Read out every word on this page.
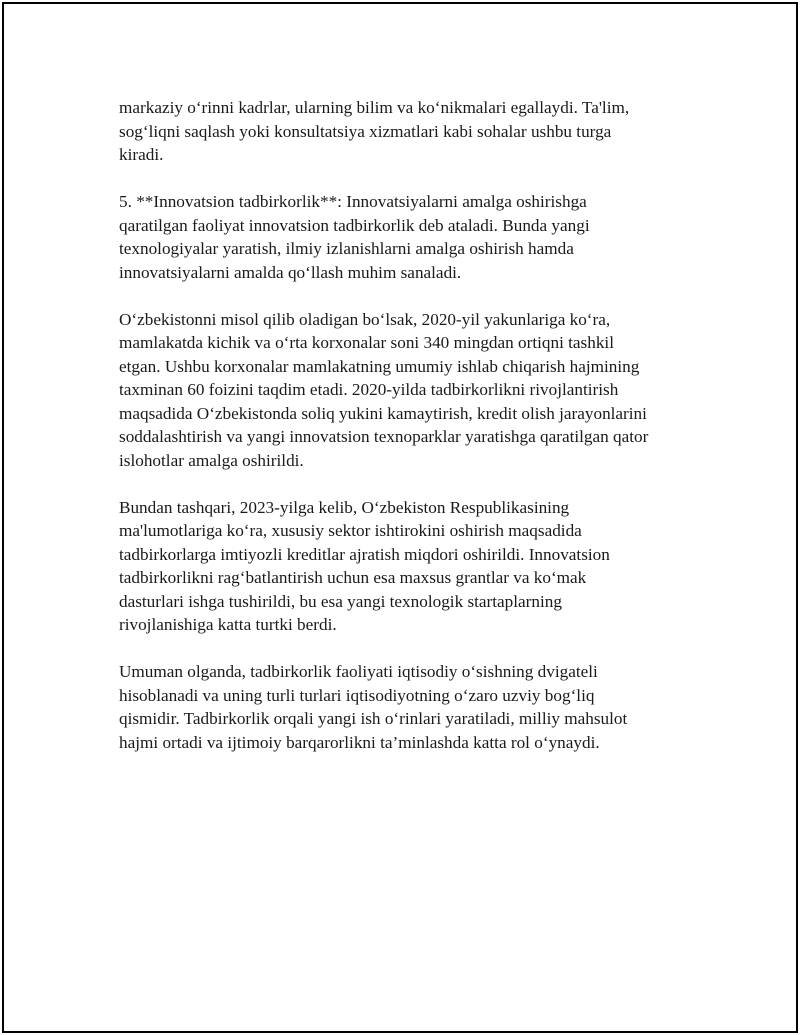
markaziy o‘rinni kadrlar, ularning bilim va ko‘nikmalari egallaydi. Ta'lim,
sog‘liqni saqlash yoki konsultatsiya xizmatlari kabi sohalar ushbu turga
kiradi.

5. **Innovatsion tadbirkorlik**: Innovatsiyalarni amalga oshirishga
qaratilgan faoliyat innovatsion tadbirkorlik deb ataladi. Bunda yangi
texnologiyalar yaratish, ilmiy izlanishlarni amalga oshirish hamda
innovatsiyalarni amalda qo‘llash muhim sanaladi.

O‘zbekistonni misol qilib oladigan bo‘lsak, 2020-yil yakunlariga ko‘ra,
mamlakatda kichik va o‘rta korxonalar soni 340 mingdan ortiqni tashkil
etgan. Ushbu korxonalar mamlakatning umumiy ishlab chiqarish hajmining
taxminan 60 foizini taqdim etadi. 2020-yilda tadbirkorlikni rivojlantirish
maqsadida O‘zbekistonda soliq yukini kamaytirish, kredit olish jarayonlarini
soddalashtirish va yangi innovatsion texnoparklar yaratishga qaratilgan qator
islohotlar amalga oshirildi.

Bundan tashqari, 2023-yilga kelib, O‘zbekiston Respublikasining
ma'lumotlariga ko‘ra, xususiy sektor ishtirokini oshirish maqsadida
tadbirkorlarga imtiyozli kreditlar ajratish miqdori oshirildi. Innovatsion
tadbirkorlikni rag‘batlantirish uchun esa maxsus grantlar va ko‘mak
dasturlari ishga tushirildi, bu esa yangi texnologik startaplarning
rivojlanishiga katta turtki berdi.

Umuman olganda, tadbirkorlik faoliyati iqtisodiy o‘sishning dvigateli
hisoblanadi va uning turli turlari iqtisodiyotning o‘zaro uzviy bog‘liq
qismidir. Tadbirkorlik orqali yangi ish o‘rinlari yaratiladi, milliy mahsulot
hajmi ortadi va ijtimoiy barqarorlikni ta’minlashda katta rol o‘ynaydi.
